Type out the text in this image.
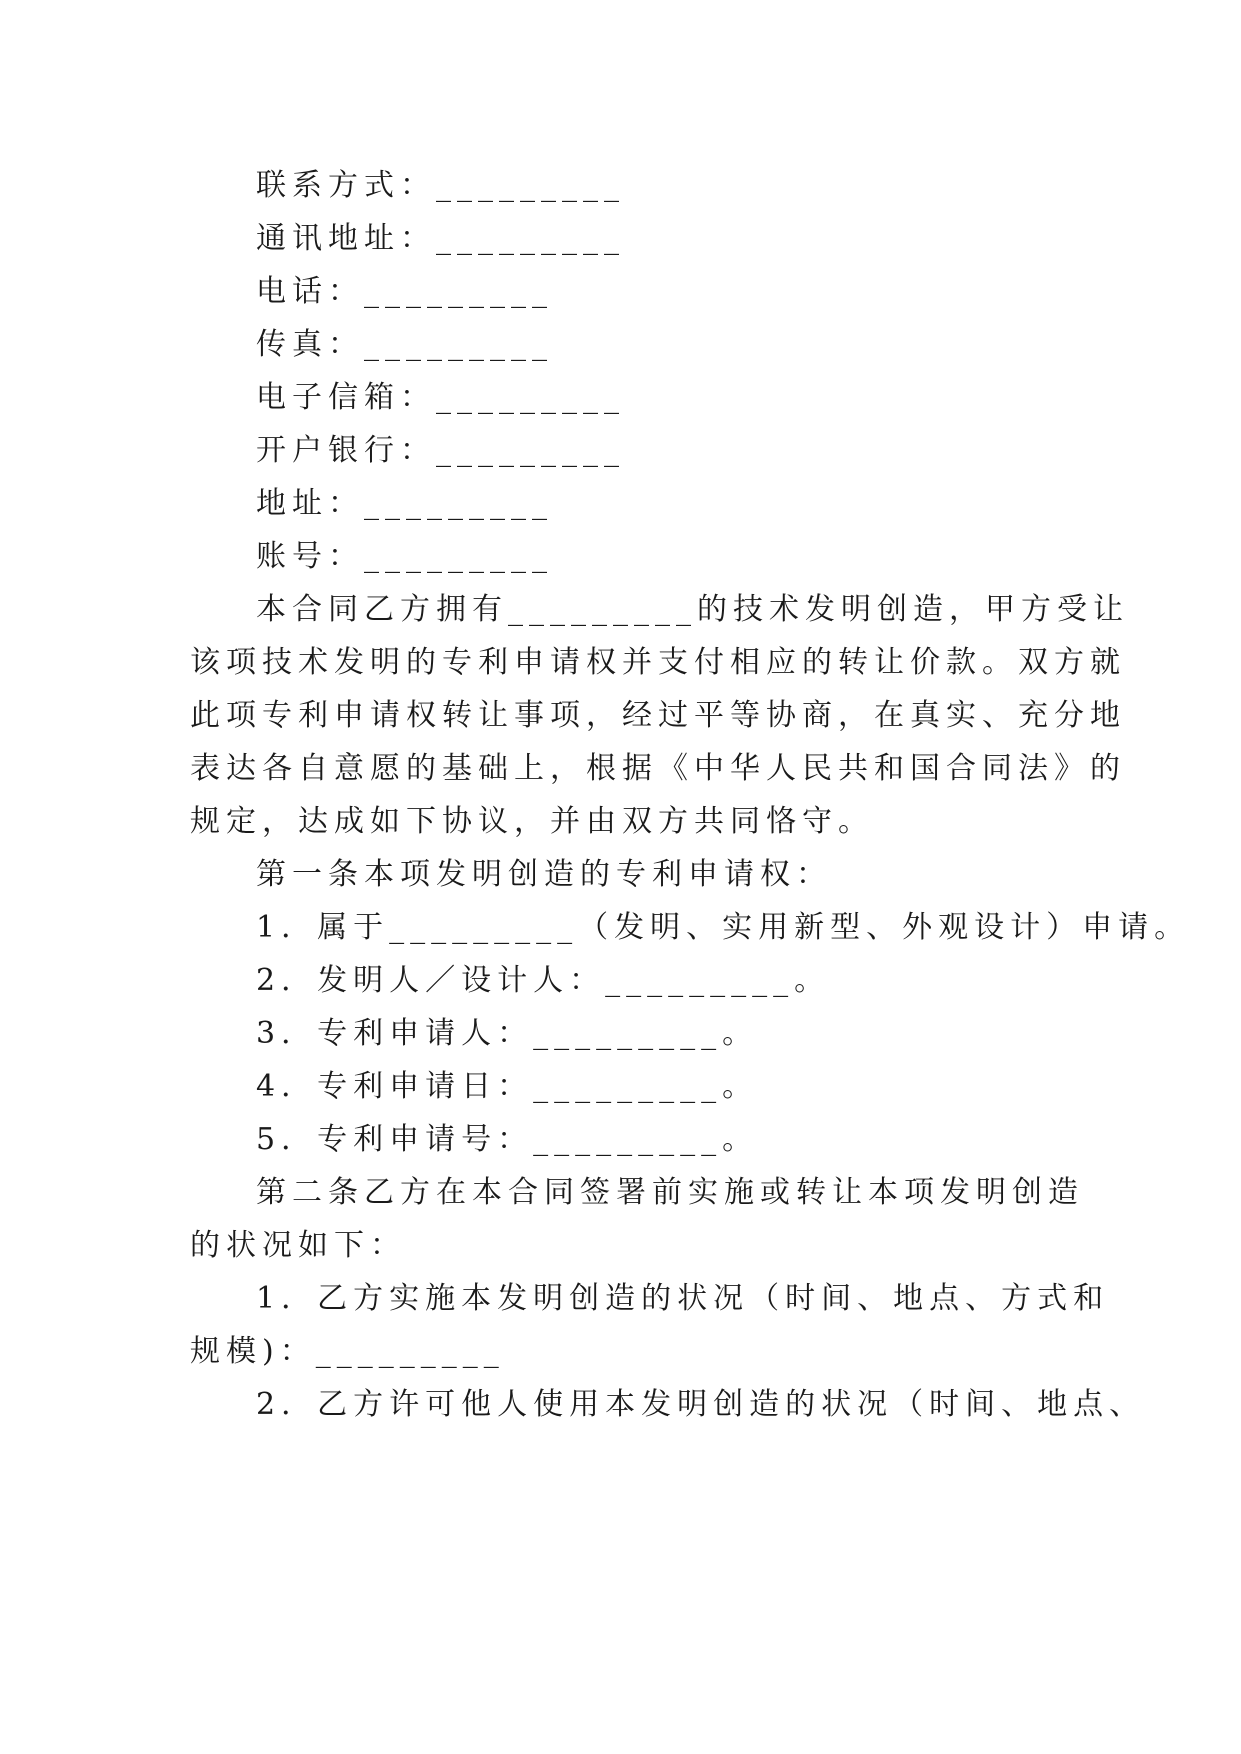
联系方式：_________
通讯地址：_________
电话：_________
传真：_________
电子信箱：_________
开户银行：_________
地址：_________
账号：_________
本合同乙方拥有_________的技术发明创造，甲方受让
该项技术发明的专利申请权并支付相应的转让价款。双方就
此项专利申请权转让事项，经过平等协商，在真实、充分地
表达各自意愿的基础上，根据《中华人民共和国合同法》的
规定，达成如下协议，并由双方共同恪守。
第一条本项发明创造的专利申请权：
1．属于_________（发明、实用新型、外观设计）申请。
2．发明人／设计人：_________。
3．专利申请人：_________。
4．专利申请日：_________。
5．专利申请号：_________。
第二条乙方在本合同签署前实施或转让本项发明创造
的状况如下：
1．乙方实施本发明创造的状况（时间、地点、方式和
规模)：_________
2．乙方许可他人使用本发明创造的状况（时间、地点、
